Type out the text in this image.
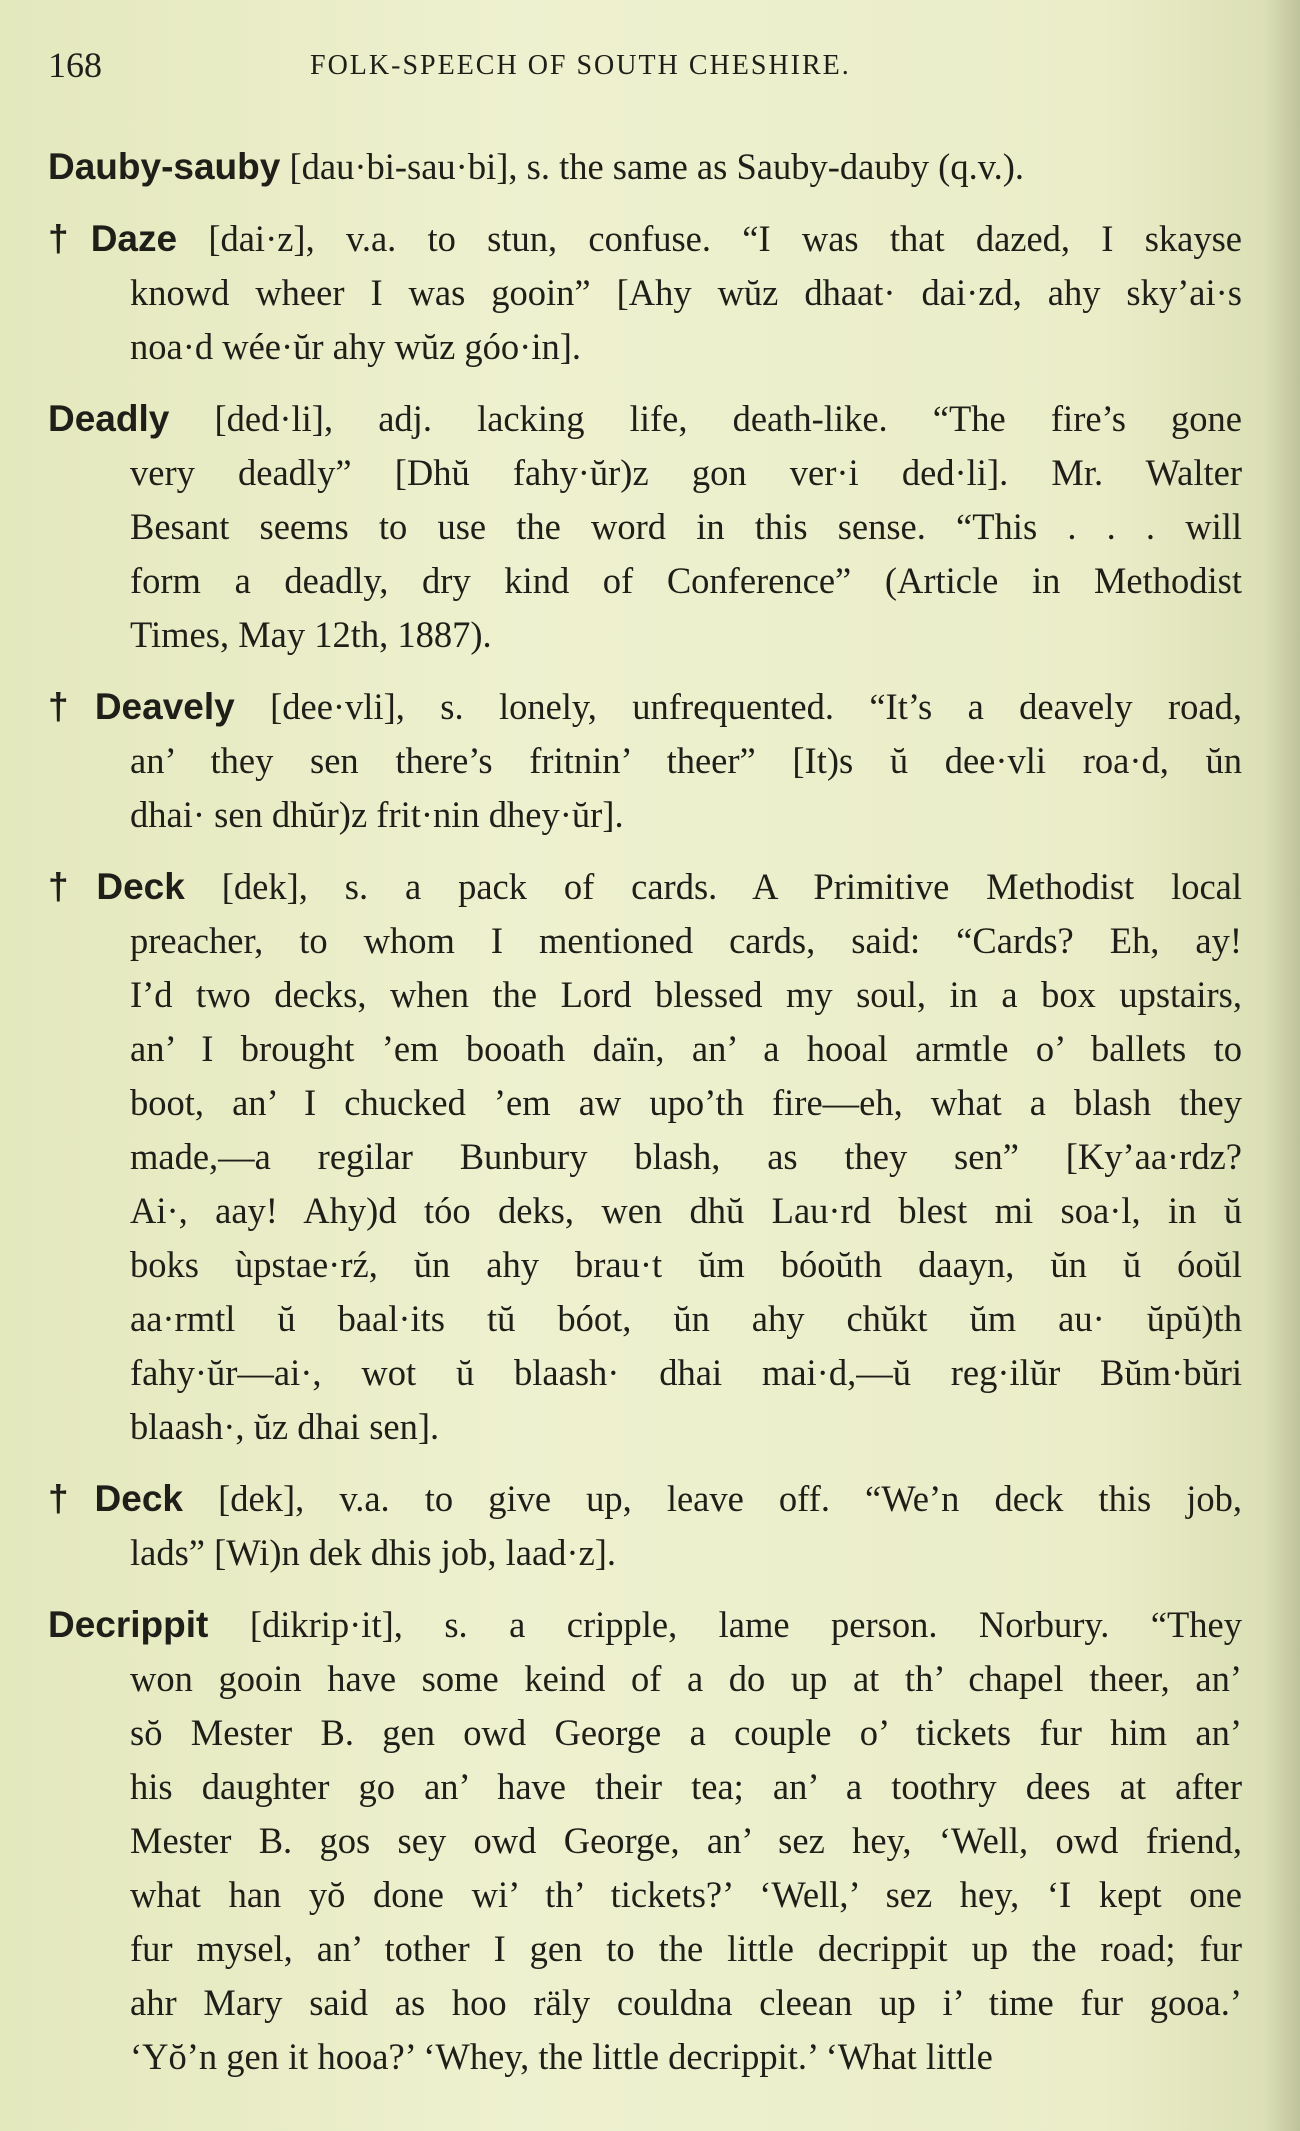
168	FOLK-SPEECH OF SOUTH CHESHIRE.
Dauby-sauby [dau·bi-sau·bi], s. the same as Sauby-dauby (q.v.).
†Daze [dai·z], v.a. to stun, confuse. “I was that dazed, I skayse
knowd wheer I was gooin” [Ahy wŭz dhaat· dai·zd, ahy sky’ai·s
noa·d wée·ŭr ahy wŭz góo·in].
Deadly [ded·li], adj. lacking life, death-like. “The fire’s gone
very deadly” [Dhŭ fahy·ŭr)z gon ver·i ded·li]. Mr. Walter
Besant seems to use the word in this sense. “This . . . will
form a deadly, dry kind of Conference” (Article in Methodist
Times, May 12th, 1887).
†Deavely [dee·vli], s. lonely, unfrequented. “It’s a deavely road,
an’ they sen there’s fritnin’ theer” [It)s ŭ dee·vli roa·d, ŭn
dhai· sen dhŭr)z frit·nin dhey·ŭr].
†Deck [dek], s. a pack of cards. A Primitive Methodist local
preacher, to whom I mentioned cards, said: “Cards? Eh, ay!
I’d two decks, when the Lord blessed my soul, in a box upstairs,
an’ I brought ’em booath daïn, an’ a hooal armtle o’ ballets to
boot, an’ I chucked ’em aw upo’th fire—eh, what a blash they
made,—a regilar Bunbury blash, as they sen” [Ky’aa·rdz?
Ai·, aay! Ahy)d tóo deks, wen dhŭ Lau·rd blest mi soa·l, in ŭ
boks ùpstae·rź, ŭn ahy brau·t ŭm bóoŭth daayn, ŭn ŭ óoŭl
aa·rmtl ŭ baal·its tŭ bóot, ŭn ahy chŭkt ŭm au· ŭpŭ)th
fahy·ŭr—ai·, wot ŭ blaash· dhai mai·d,—ŭ reg·ilŭr Bŭm·bŭri
blaash·, ŭz dhai sen].
†Deck [dek], v.a. to give up, leave off. “We’n deck this job,
lads” [Wi)n dek dhis job, laad·z].
Decrippit [dikrip·it], s. a cripple, lame person. Norbury. “They
won gooin have some keind of a do up at th’ chapel theer, an’
sŏ Mester B. gen owd George a couple o’ tickets fur him an’
his daughter go an’ have their tea; an’ a toothry dees at after
Mester B. gos sey owd George, an’ sez hey, ‘Well, owd friend,
what han yŏ done wi’ th’ tickets?’ ‘Well,’ sez hey, ‘I kept one
fur mysel, an’ tother I gen to the little decrippit up the road; fur
ahr Mary said as hoo räly couldna cleean up i’ time fur gooa.’
‘Yŏ’n gen it hooa?’ ‘Whey, the little decrippit.’ ‘What little
